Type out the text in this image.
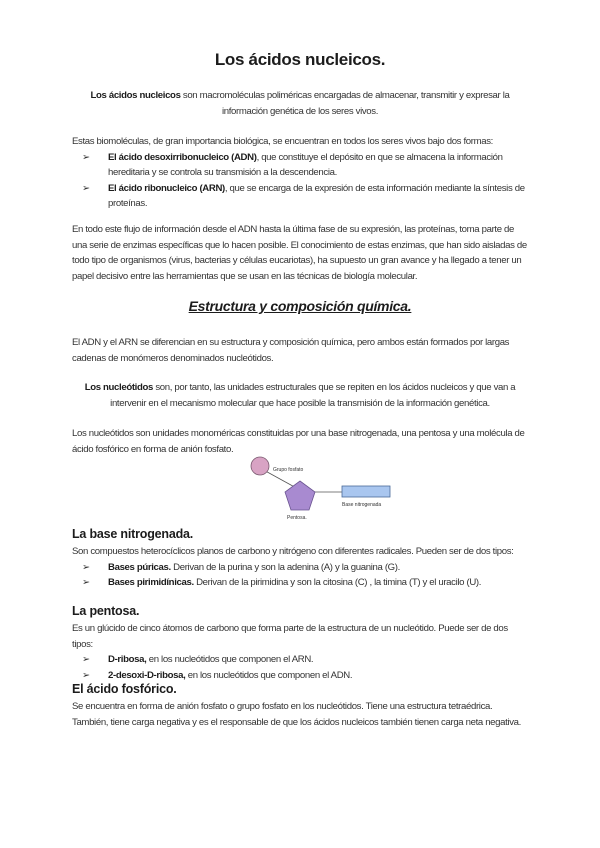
Los ácidos nucleicos.

Los ácidos nucleicos son macromoléculas poliméricas encargadas de almacenar, transmitir y expresar la información genética de los seres vivos.

Estas biomoléculas, de gran importancia biológica, se encuentran en todos los seres vivos bajo dos formas:
➢ El ácido desoxirribonucleico (ADN), que constituye el depósito en que se almacena la información hereditaria y se controla su transmisión a la descendencia.
➢ El ácido ribonucleico (ARN), que se encarga de la expresión de esta información mediante la síntesis de proteínas.

En todo este flujo de información desde el ADN hasta la última fase de su expresión, las proteínas, toma parte de una serie de enzimas específicas que lo hacen posible. El conocimiento de estas enzimas, que han sido aisladas de todo tipo de organismos (virus, bacterias y células eucariotas), ha supuesto un gran avance y ha llegado a tener un papel decisivo entre las herramientas que se usan en las técnicas de biología molecular.

Estructura y composición química.

El ADN y el ARN se diferencian en su estructura y composición química, pero ambos están formados por largas cadenas de monómeros denominados nucleótidos.

Los nucleótidos son, por tanto, las unidades estructurales que se repiten en los ácidos nucleicos y que van a intervenir en el mecanismo molecular que hace posible la transmisión de la información genética.

Los nucleótidos son unidades monoméricas constituidas por una base nitrogenada, una pentosa y una molécula de ácido fosfórico en forma de anión fosfato.

Grupo fosfato
Base nitrogenada
Pentosa.
La base nitrogenada.
Son compuestos heterocíclicos planos de carbono y nitrógeno con diferentes radicales. Pueden ser de dos tipos:
➢ Bases púricas. Derivan de la purina y son la adenina (A) y la guanina (G).
➢ Bases pirimidínicas. Derivan de la pirimidina y son la citosina (C) , la timina (T) y el uracilo (U).
La pentosa.
Es un glúcido de cinco átomos de carbono que forma parte de la estructura de un nucleótido. Puede ser de dos tipos:
➢ D-ribosa, en los nucleótidos que componen el ARN.
➢ 2-desoxi-D-ribosa, en los nucleótidos que componen el ADN.
El ácido fosfórico.

Se encuentra en forma de anión fosfato o grupo fosfato en los nucleótidos. Tiene una estructura tetraédrica. También, tiene carga negativa y es el responsable de que los ácidos nucleicos también tienen carga neta negativa.
